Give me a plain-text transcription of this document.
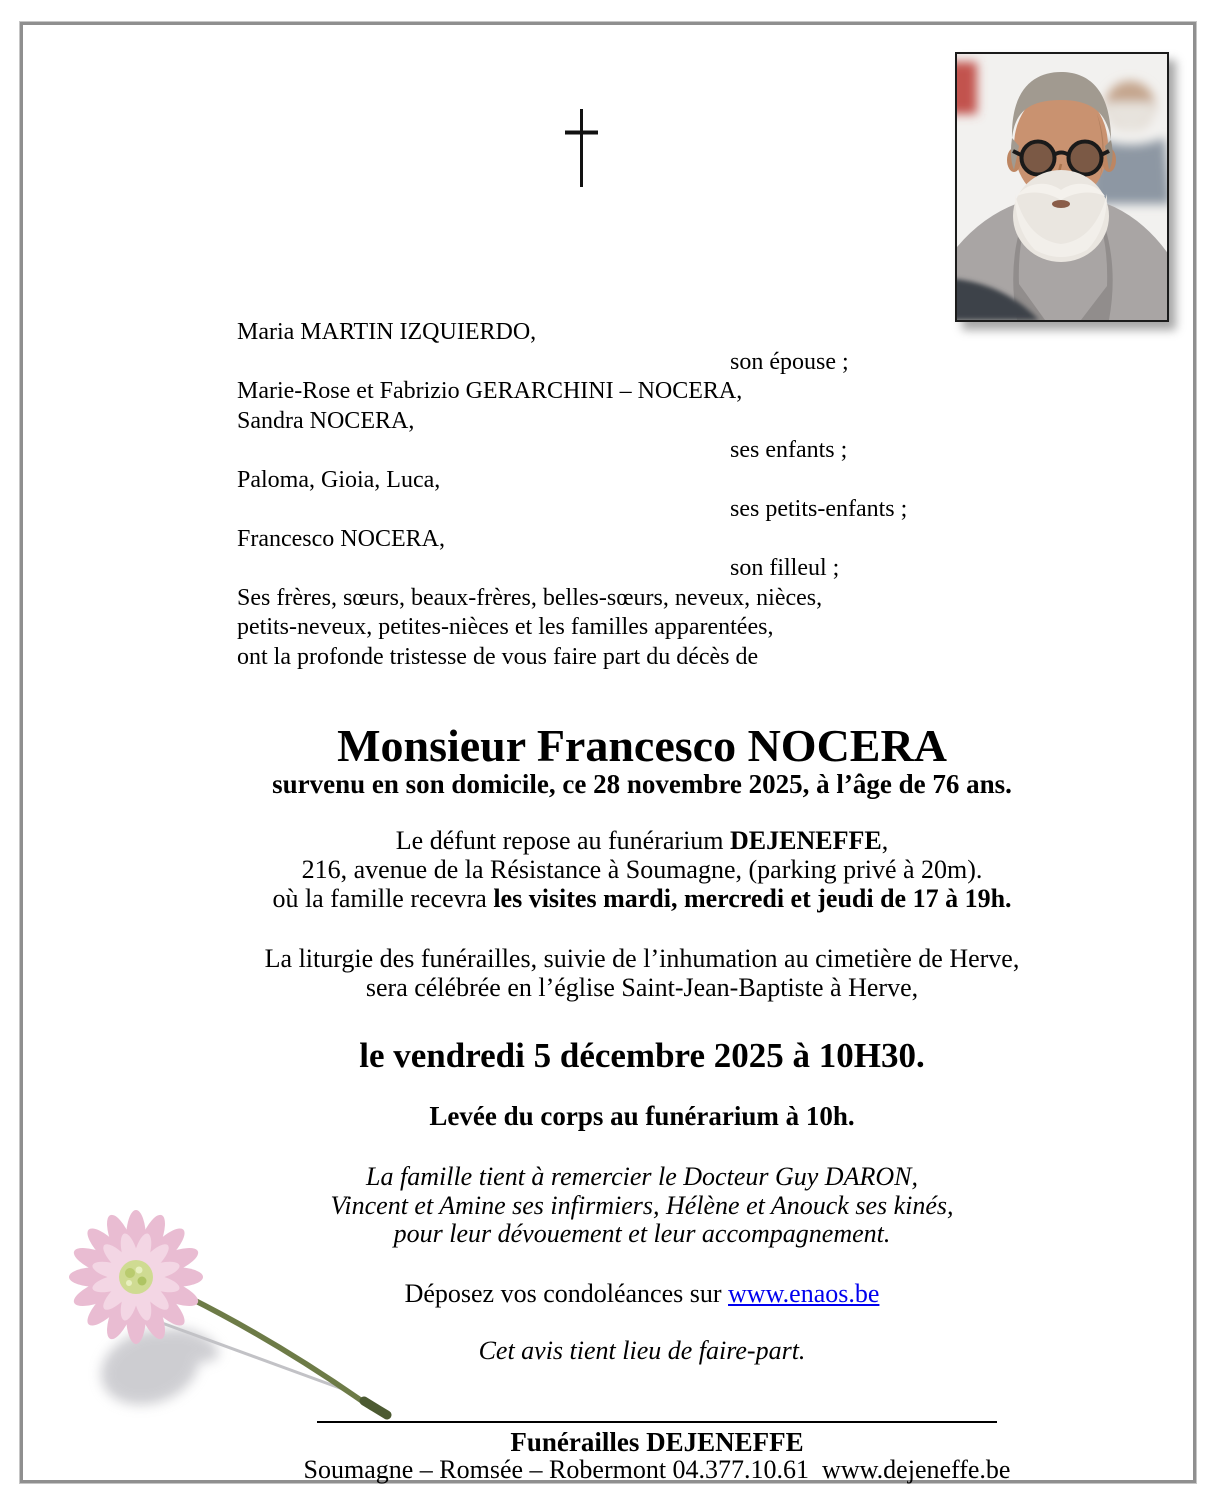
Maria MARTIN IZQUIERDO,
son épouse ;
Marie-Rose et Fabrizio GERARCHINI – NOCERA,
Sandra NOCERA,
ses enfants ;
Paloma, Gioia, Luca,
ses petits-enfants ;
Francesco NOCERA,
son filleul ;
Ses frères, sœurs, beaux-frères, belles-sœurs, neveux, nièces,
petits-neveux, petites-nièces et les familles apparentées,
ont la profonde tristesse de vous faire part du décès de
Monsieur Francesco NOCERA
survenu en son domicile, ce 28 novembre 2025, à l’âge de 76 ans.
Le défunt repose au funérarium DEJENEFFE,
216, avenue de la Résistance à Soumagne, (parking privé à 20m).
où la famille recevra les visites mardi, mercredi et jeudi de 17 à 19h.
La liturgie des funérailles, suivie de l’inhumation au cimetière de Herve,
sera célébrée en l’église Saint-Jean-Baptiste à Herve,
le vendredi 5 décembre 2025 à 10H30.
Levée du corps au funérarium à 10h.
La famille tient à remercier le Docteur Guy DARON,
Vincent et Amine ses infirmiers, Hélène et Anouck ses kinés,
pour leur dévouement et leur accompagnement.
Déposez vos condoléances sur www.enaos.be
Cet avis tient lieu de faire-part.
Funérailles DEJENEFFE
Soumagne – Romsée – Robermont 04.377.10.61  www.dejeneffe.be
